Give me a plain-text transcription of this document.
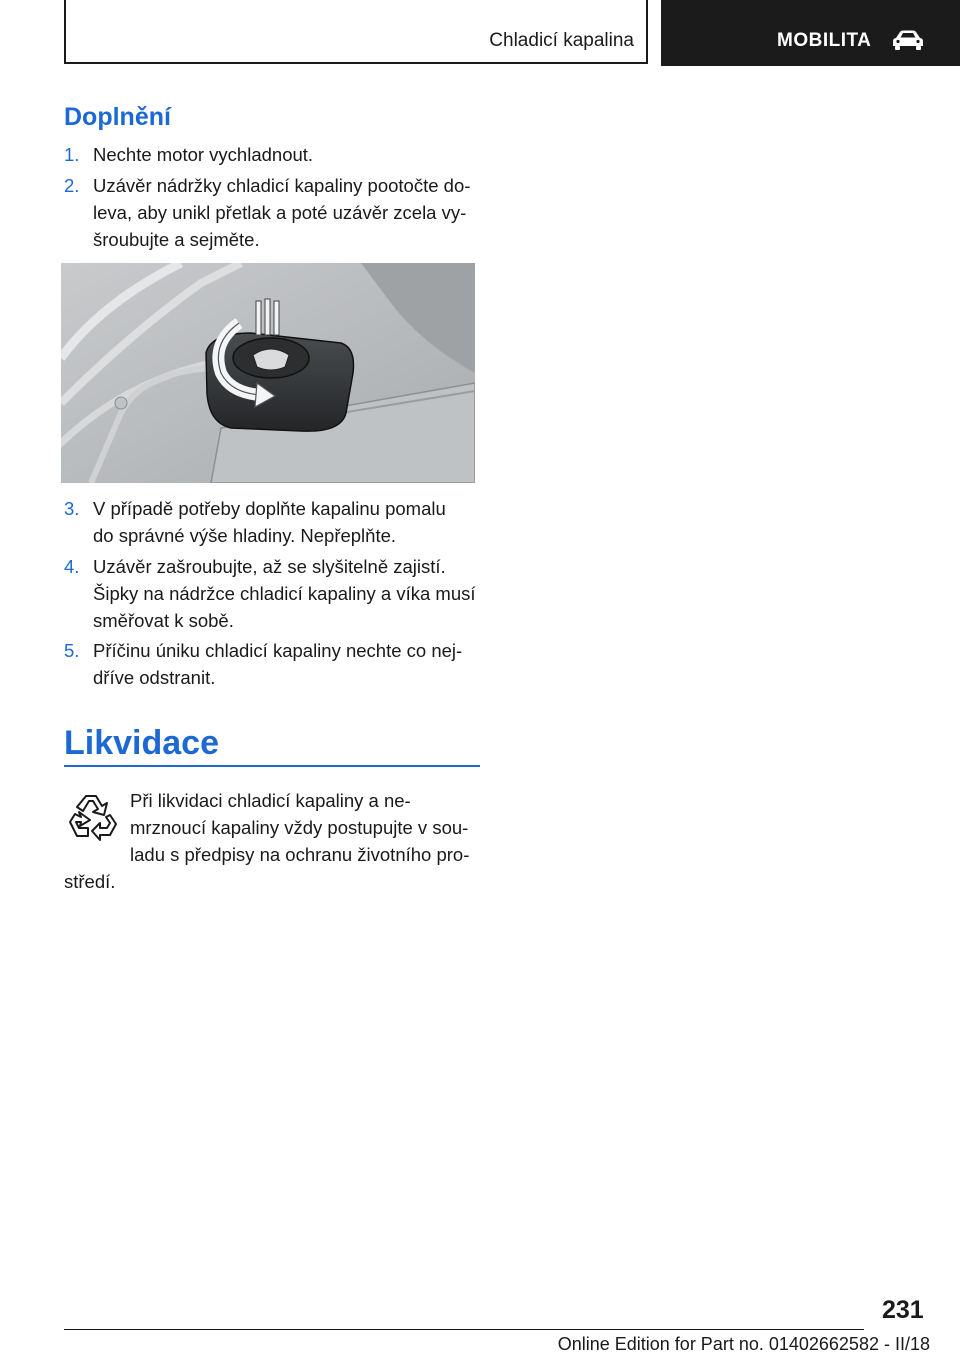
Chladicí kapalina	MOBILITA
Doplnění
1. Nechte motor vychladnout.
2. Uzávěr nádržky chladicí kapaliny pootočte do-
leva, aby unikl přetlak a poté uzávěr zcela vy-
šroubujte a sejměte.
3. V případě potřeby doplňte kapalinu pomalu
do správné výše hladiny. Nepřeplňte.
4. Uzávěr zašroubujte, až se slyšitelně zajistí.
Šipky na nádržce chladicí kapaliny a víka musí
směřovat k sobě.
5. Příčinu úniku chladicí kapaliny nechte co nej-
dříve odstranit.
Likvidace
Při likvidaci chladicí kapaliny a ne-
mrznoucí kapaliny vždy postupujte v sou-
ladu s předpisy na ochranu životního pro-
středí.
231
Online Edition for Part no. 01402662582 - II/18
